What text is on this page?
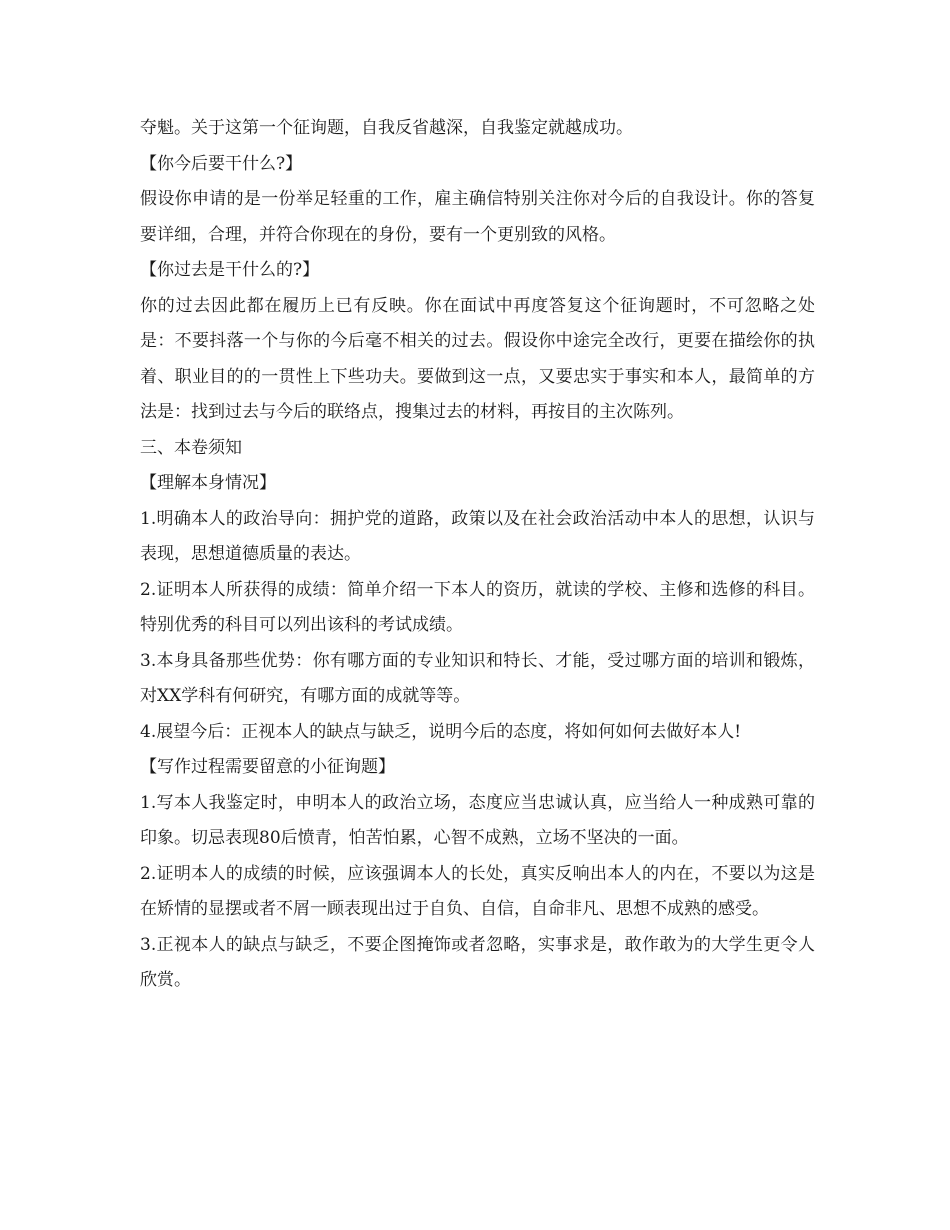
夺魁。关于这第一个征询题，自我反省越深，自我鉴定就越成功。

【你今后要干什么?】

假设你申请的是一份举足轻重的工作，雇主确信特别关注你对今后的自我设计。你的答复要详细，合理，并符合你现在的身份，要有一个更别致的风格。

【你过去是干什么的?】

你的过去因此都在履历上已有反映。你在面试中再度答复这个征询题时，不可忽略之处是：不要抖落一个与你的今后毫不相关的过去。假设你中途完全改行，更要在描绘你的执着、职业目的的一贯性上下些功夫。要做到这一点，又要忠实于事实和本人，最简单的方法是：找到过去与今后的联络点，搜集过去的材料，再按目的主次陈列。

三、本卷须知

【理解本身情况】

1.明确本人的政治导向：拥护党的道路，政策以及在社会政治活动中本人的思想，认识与表现，思想道德质量的表达。

2.证明本人所获得的成绩：简单介绍一下本人的资历，就读的学校、主修和选修的科目。特别优秀的科目可以列出该科的考试成绩。

3.本身具备那些优势：你有哪方面的专业知识和特长、才能，受过哪方面的培训和锻炼，对XX学科有何研究，有哪方面的成就等等。

4.展望今后：正视本人的缺点与缺乏，说明今后的态度，将如何如何去做好本人!

【写作过程需要留意的小征询题】

1.写本人我鉴定时，申明本人的政治立场，态度应当忠诚认真，应当给人一种成熟可靠的印象。切忌表现80后愤青，怕苦怕累，心智不成熟，立场不坚决的一面。

2.证明本人的成绩的时候，应该强调本人的长处，真实反响出本人的内在，不要以为这是在矫情的显摆或者不屑一顾表现出过于自负、自信，自命非凡、思想不成熟的感受。

3.正视本人的缺点与缺乏，不要企图掩饰或者忽略，实事求是，敢作敢为的大学生更令人欣赏。
